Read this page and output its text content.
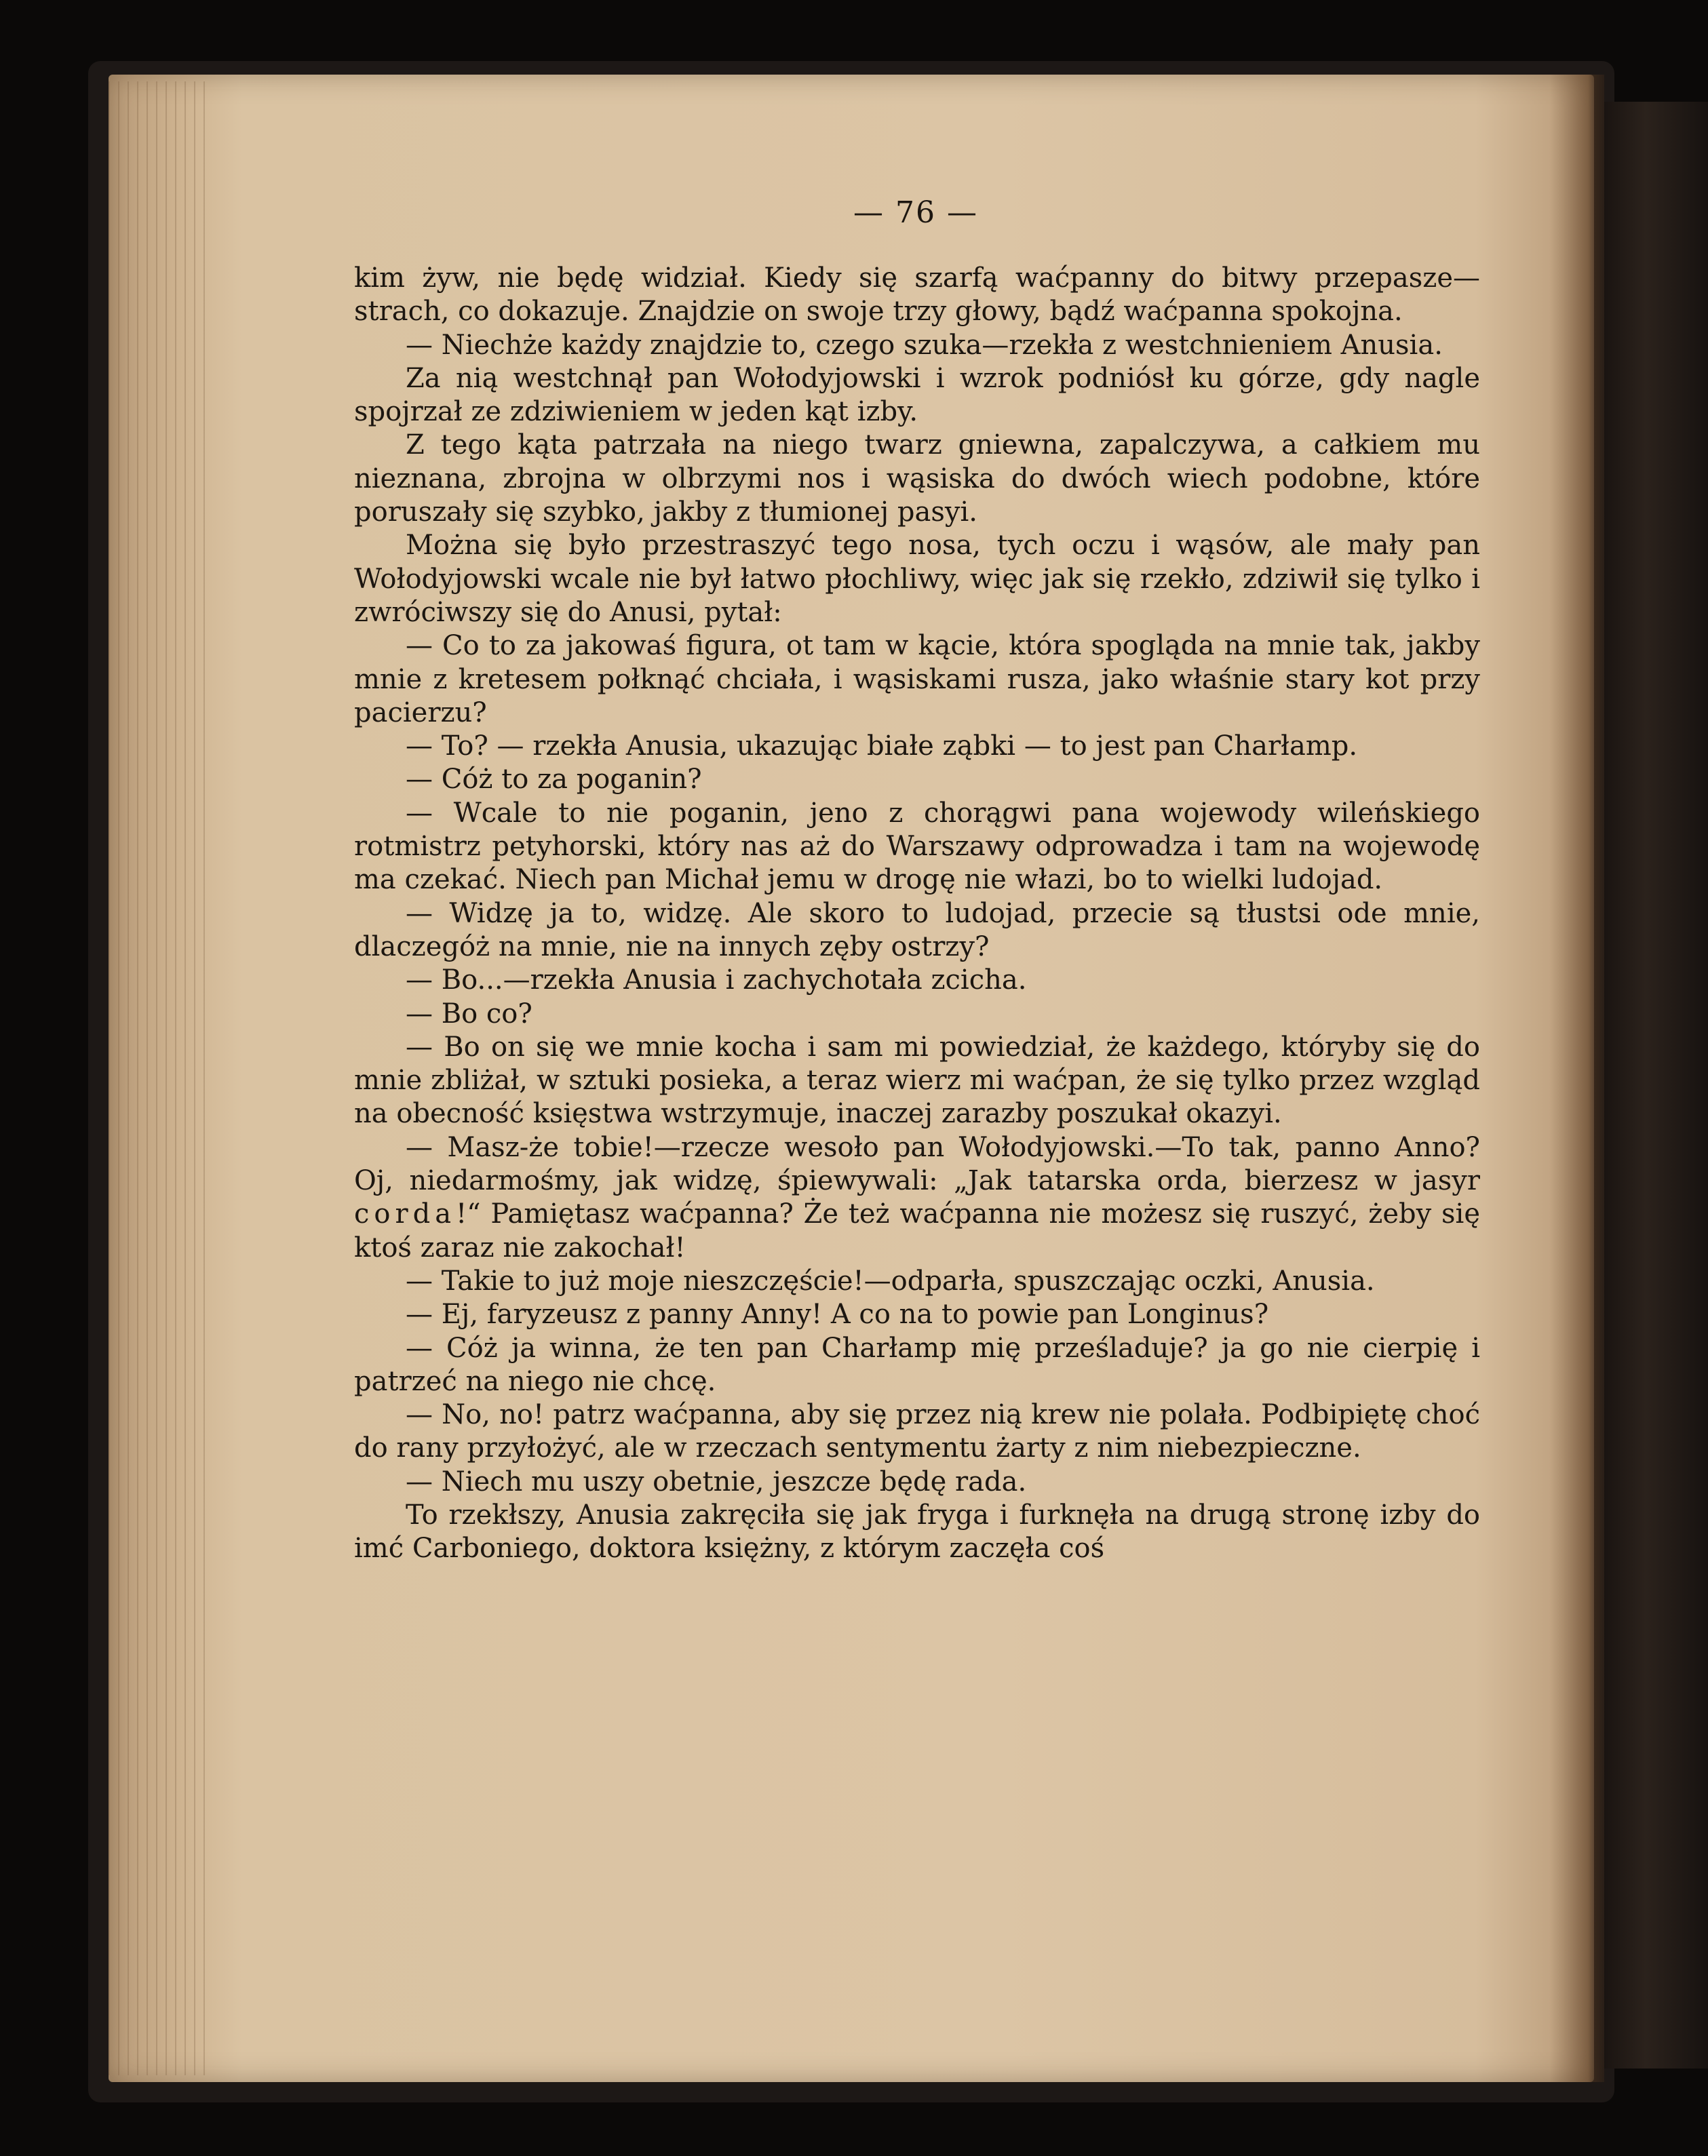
— 76 —

kim żyw, nie będę widział. Kiedy się szarfą waćpanny do bitwy przepasze—strach, co dokazuje. Znajdzie on swoje trzy głowy, bądź waćpanna spokojna.

— Niechże każdy znajdzie to, czego szuka—rzekła z westchnieniem Anusia.

Za nią westchnął pan Wołodyjowski i wzrok podniósł ku górze, gdy nagle spojrzał ze zdziwieniem w jeden kąt izby.

Z tego kąta patrzała na niego twarz gniewna, zapalczywa, a całkiem mu nieznana, zbrojna w olbrzymi nos i wąsiska do dwóch wiech podobne, które poruszały się szybko, jakby z tłumionej pasyi.

Można się było przestraszyć tego nosa, tych oczu i wąsów, ale mały pan Wołodyjowski wcale nie był łatwo płochliwy, więc jak się rzekło, zdziwił się tylko i zwróciwszy się do Anusi, pytał:

— Co to za jakowaś figura, ot tam w kącie, która spogląda na mnie tak, jakby mnie z kretesem połknąć chciała, i wąsiskami rusza, jako właśnie stary kot przy pacierzu?

— To? — rzekła Anusia, ukazując białe ząbki — to jest pan Charłamp.

— Cóż to za poganin?

— Wcale to nie poganin, jeno z chorągwi pana wojewody wileńskiego rotmistrz petyhorski, który nas aż do Warszawy odprowadza i tam na wojewodę ma czekać. Niech pan Michał jemu w drogę nie włazi, bo to wielki ludojad.

— Widzę ja to, widzę. Ale skoro to ludojad, przecie są tłustsi ode mnie, dlaczegóż na mnie, nie na innych zęby ostrzy?

— Bo...—rzekła Anusia i zachychotała zcicha.

— Bo co?

— Bo on się we mnie kocha i sam mi powiedział, że każdego, któryby się do mnie zbliżał, w sztuki posieka, a teraz wierz mi waćpan, że się tylko przez wzgląd na obecność księstwa wstrzymuje, inaczej zarazby poszukał okazyi.

— Masz-że tobie!—rzecze wesoło pan Wołodyjowski.—To tak, panno Anno? Oj, niedarmośmy, jak widzę, śpiewywali: „Jak tatarska orda, bierzesz w jasyr corda!“ Pamiętasz waćpanna? Że też waćpanna nie możesz się ruszyć, żeby się ktoś zaraz nie zakochał!

— Takie to już moje nieszczęście!—odparła, spuszczając oczki, Anusia.

— Ej, faryzeusz z panny Anny! A co na to powie pan Longinus?

— Cóż ja winna, że ten pan Charłamp mię prześladuje? ja go nie cierpię i patrzeć na niego nie chcę.

— No, no! patrz waćpanna, aby się przez nią krew nie polała. Podbipiętę choć do rany przyłożyć, ale w rzeczach sentymentu żarty z nim niebezpieczne.

— Niech mu uszy obetnie, jeszcze będę rada.

To rzekłszy, Anusia zakręciła się jak fryga i furknęła na drugą stronę izby do imć Carboniego, doktora księżny, z którym zaczęła coś
